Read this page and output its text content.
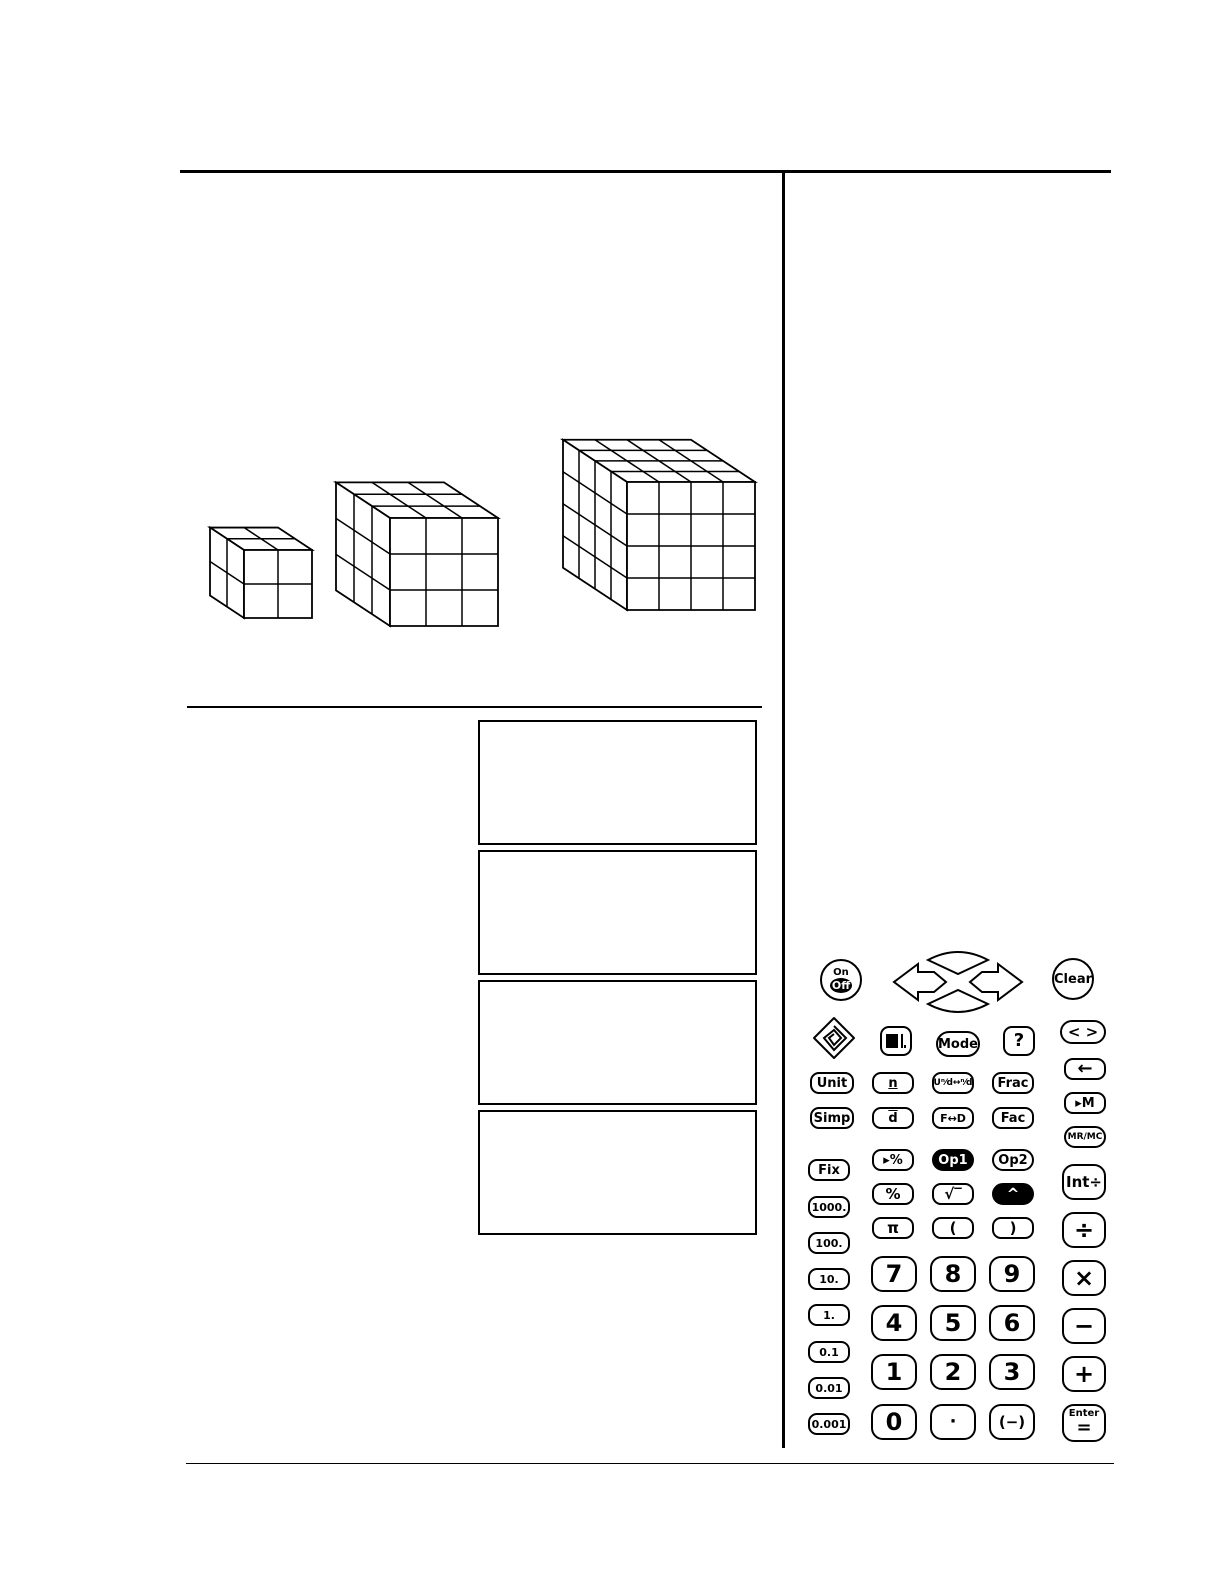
On
Off	Clear
Mode	?	< >
←
Unit	n	Uⁿ⁄d↔ⁿ⁄d	Frac
▸M
Simp	$\overline{d}$	F↔D	Fac
MR/MC
▸%	Op1	Op2
Int÷
Fix
%	√‾	^
1000.
π	(	)	÷
100.
10.
1.
0.1
0.01
0.001
7	8	9	×
4	5	6	−
1	2	3	+
0	·	(−)	Enter
=
